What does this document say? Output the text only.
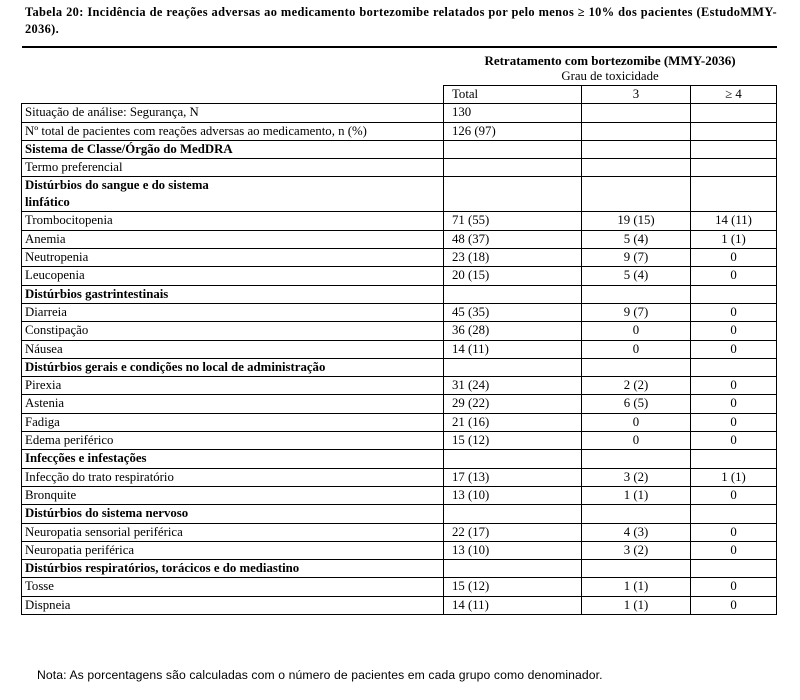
Tabela 20: Incidência de reações adversas ao medicamento bortezomibe relatados por pelo menos ≥ 10% dos pacientes (EstudoMMY-2036).

	Retratamento com bortezomibe (MMY-2036)
Grau de toxicidade		

	Total	3	≥ 4
Situação de análise: Segurança, N	130		
Nº total de pacientes com reações adversas ao medicamento, n (%)	126 (97)		
Sistema de Classe/Órgão do MedDRA			
Termo preferencial			
Distúrbios do sangue e do sistema linfático			
Trombocitopenia	71 (55)	19 (15)	14 (11)
Anemia	48 (37)	5 (4)	1 (1)
Neutropenia	23 (18)	9 (7)	0
Leucopenia	20 (15)	5 (4)	0
Distúrbios gastrintestinais			
Diarreia	45 (35)	9 (7)	0
Constipação	36 (28)	0	0
Náusea	14 (11)	0	0
Distúrbios gerais e condições no local de administração			
Pirexia	31 (24)	2 (2)	0
Astenia	29 (22)	6 (5)	0
Fadiga	21 (16)	0	0
Edema periférico	15 (12)	0	0
Infecções e infestações			
Infecção do trato respiratório	17 (13)	3 (2)	1 (1)
Bronquite	13 (10)	1 (1)	0
Distúrbios do sistema nervoso			
Neuropatia sensorial periférica	22 (17)	4 (3)	0
Neuropatia periférica	13 (10)	3 (2)	0
Distúrbios respiratórios, torácicos e do mediastino			
Tosse	15 (12)	1 (1)	0
Dispneia	14 (11)	1 (1)	0
Nota: As porcentagens são calculadas com o número de pacientes em cada grupo como denominador.
